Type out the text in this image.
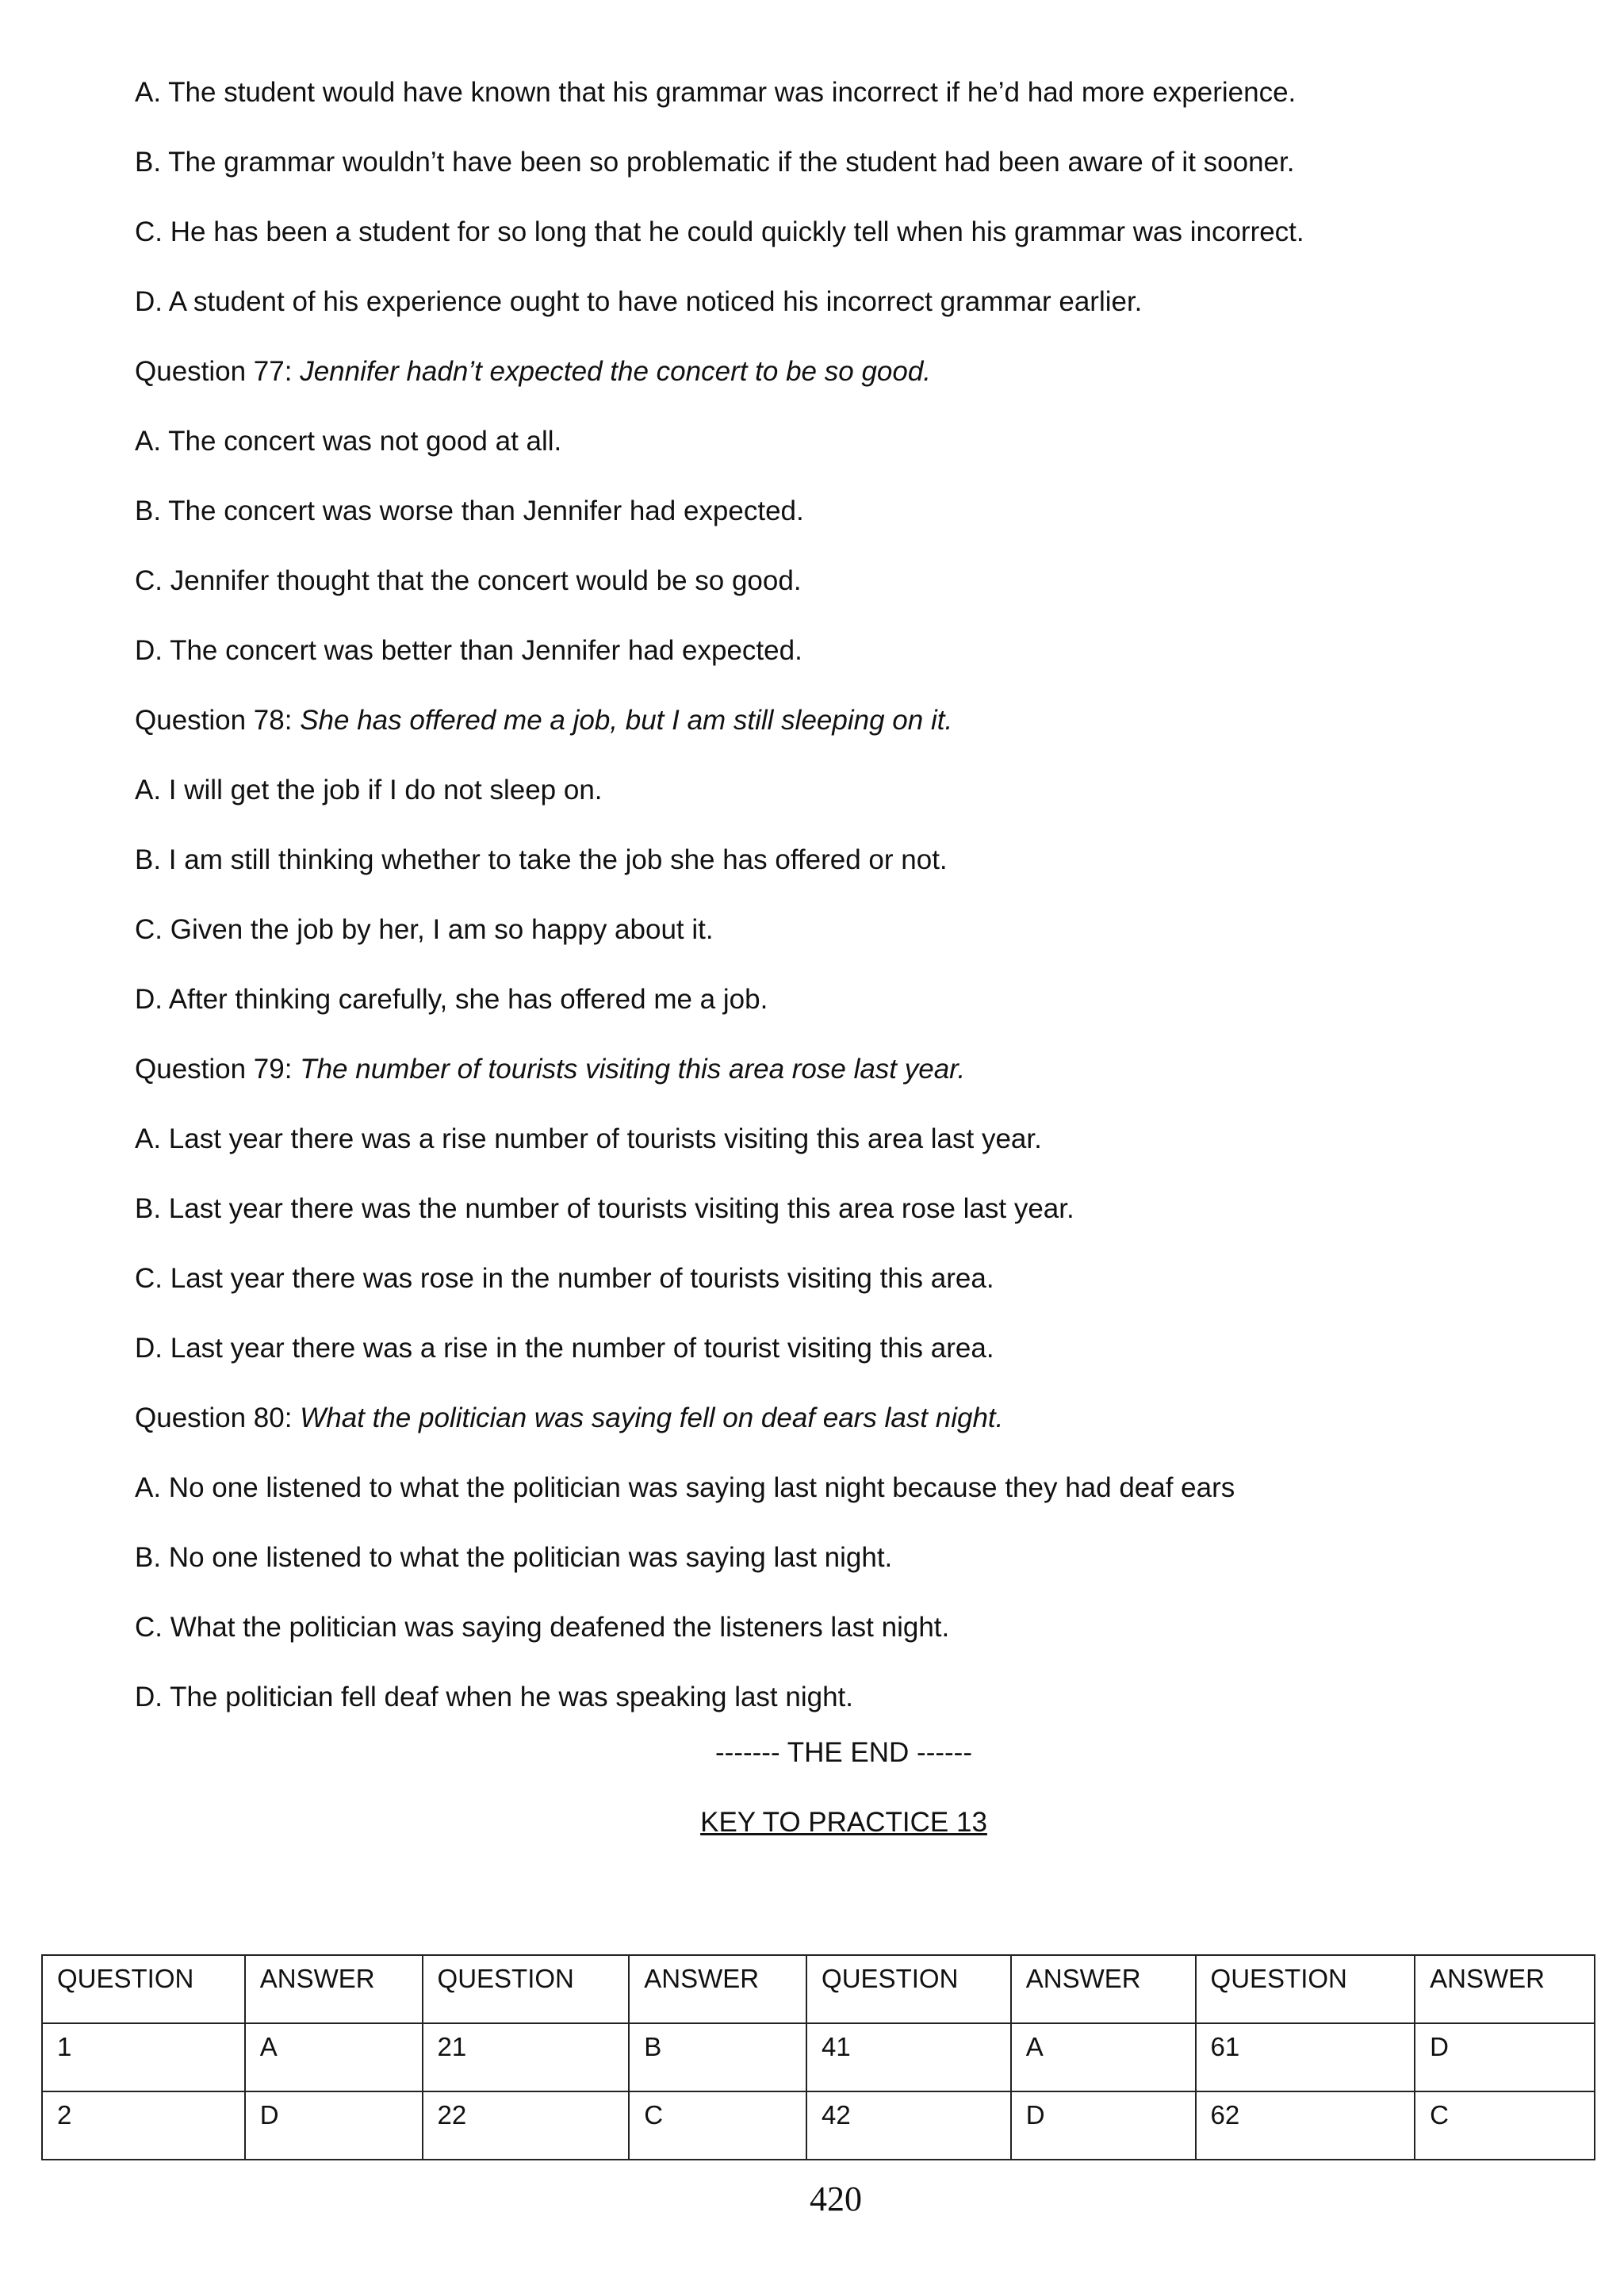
A. The student would have known that his grammar was incorrect if he’d had more experience.
B. The grammar wouldn’t have been so problematic if the student had been aware of it sooner.
C. He has been a student for so long that he could quickly tell when his grammar was incorrect.
D. A student of his experience ought to have noticed his incorrect grammar earlier.
Question 77: Jennifer hadn’t expected the concert to be so good.
A. The concert was not good at all.
B. The concert was worse than Jennifer had expected.
C. Jennifer thought that the concert would be so good.
D. The concert was better than Jennifer had expected.
Question 78: She has offered me a job, but I am still sleeping on it.
A. I will get the job if I do not sleep on.
B. I am still thinking whether to take the job she has offered or not.
C. Given the job by her, I am so happy about it.
D. After thinking carefully, she has offered me a job.
Question 79: The number of tourists visiting this area rose last year.
A. Last year there was a rise number of tourists visiting this area last year.
B. Last year there was the number of tourists visiting this area rose last year.
C. Last year there was rose in the number of tourists visiting this area.
D. Last year there was a rise in the number of tourist visiting this area.
Question 80: What the politician was saying fell on deaf ears last night.
A. No one listened to what the politician was saying last night because they had deaf ears
B. No one listened to what the politician was saying last night.
C. What the politician was saying deafened the listeners last night.
D. The politician fell deaf when he was speaking last night.
------- THE END ------
KEY TO PRACTICE 13
QUESTION	ANSWER	QUESTION	ANSWER	QUESTION	ANSWER	QUESTION	ANSWER
1	A	21	B	41	A	61	D
2	D	22	C	42	D	62	C
420
